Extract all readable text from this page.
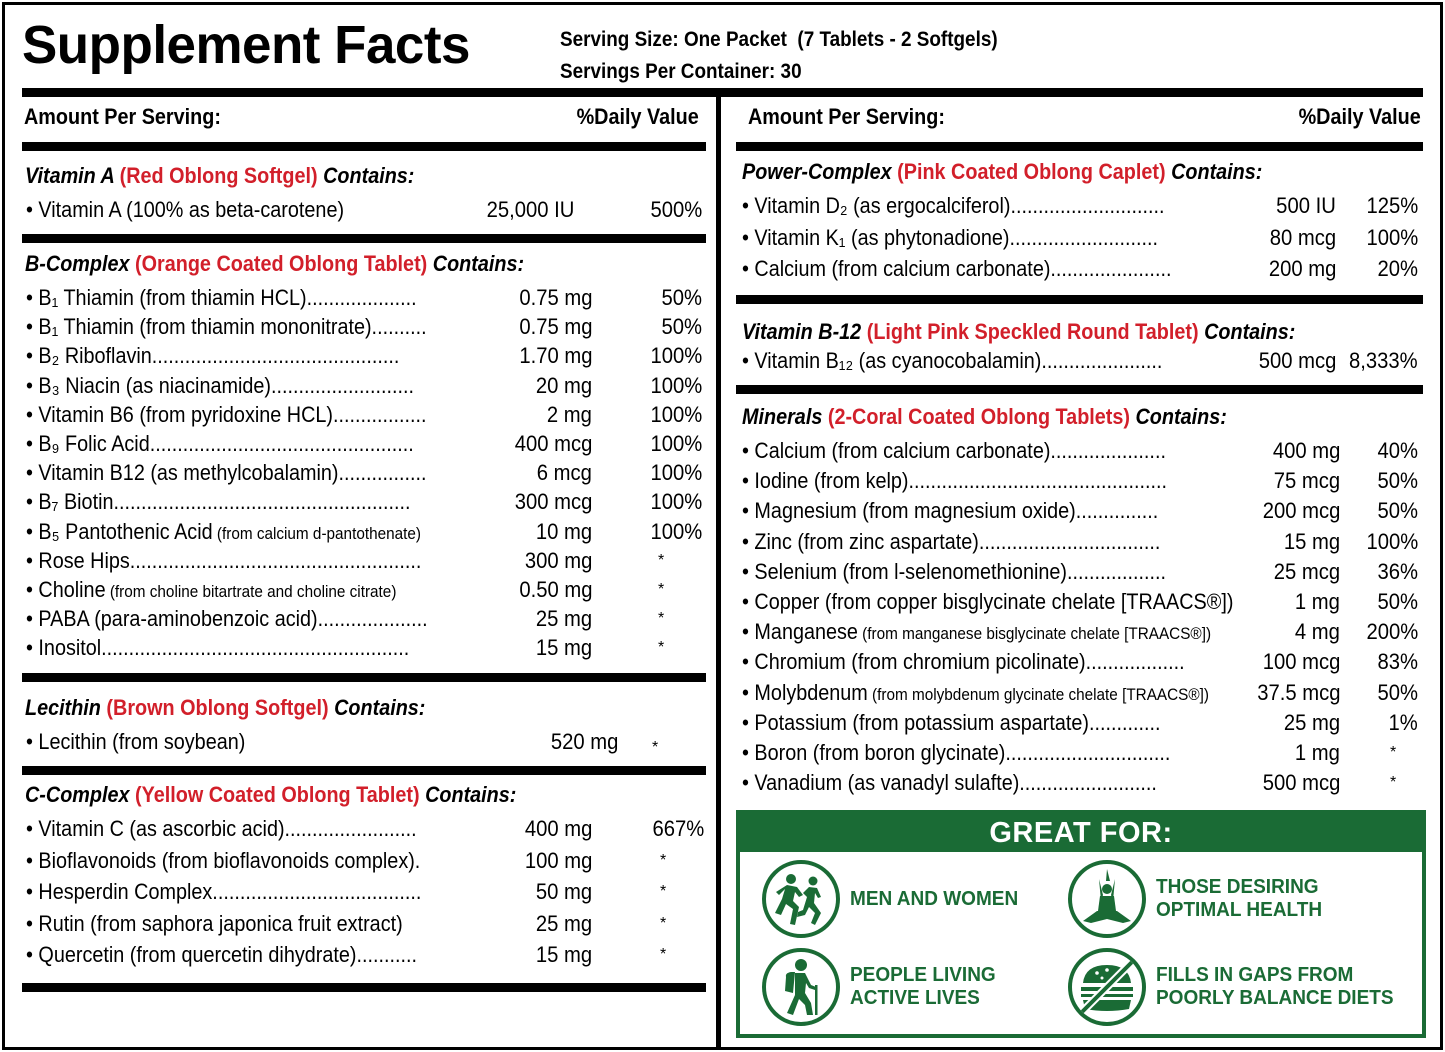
Supplement Facts	Serving Size: One Packet  (7 Tablets - 2 Softgels)
Servings Per Container: 30
Amount Per Serving:	%Daily Value Amount Per Serving:	%Daily Value
Vitamin A (Red Oblong Softgel) Contains:
• Vitamin A (100% as beta-carotene)	25,000 IU	500%
B-Complex (Orange Coated Oblong Tablet) Contains:
• B₁ Thiamin (from thiamin HCL)....................	0.75 mg	50%
• B₁ Thiamin (from thiamin mononitrate)..........	0.75 mg	50%
• B₂ Riboflavin.............................................	1.70 mg	100%
• B₃ Niacin (as niacinamide)..........................	20 mg	100%
• Vitamin B6 (from pyridoxine HCL).................	2 mg	100%
• B₉ Folic Acid................................................	400 mcg	100%
• Vitamin B12 (as methylcobalamin)................	6 mcg	100%
• B₇ Biotin......................................................	300 mcg	100%
• B₅ Pantothenic Acid (from calcium d-pantothenate)	10 mg	100%
• Rose Hips.....................................................	300 mg	*
• Choline (from choline bitartrate and choline citrate)	0.50 mg	*
• PABA (para-aminobenzoic acid)....................	25 mg	*
• Inositol........................................................	15 mg	*
Lecithin (Brown Oblong Softgel) Contains:
• Lecithin (from soybean)	520 mg *
C-Complex (Yellow Coated Oblong Tablet) Contains:
• Vitamin C (as ascorbic acid)........................	400 mg	667%
• Bioflavonoids (from bioflavonoids complex).	100 mg	*
• Hesperdin Complex......................................	50 mg	*
• Rutin (from saphora japonica fruit extract)	25 mg	*
• Quercetin (from quercetin dihydrate)...........	15 mg	*
Power-Complex (Pink Coated Oblong Caplet) Contains:
• Vitamin D₂ (as ergocalciferol)............................	500 IU 125%
• Vitamin K₁ (as phytonadione)...........................	80 mcg 100%
• Calcium (from calcium carbonate)......................	200 mg 20%
Vitamin B-12 (Light Pink Speckled Round Tablet) Contains:
• Vitamin B₁₂ (as cyanocobalamin)......................	500 mcg 8,333%
Minerals (2-Coral Coated Oblong Tablets) Contains:
• Calcium (from calcium carbonate).....................	400 mg 40%
• Iodine (from kelp)...............................................	75 mcg 50%
• Magnesium (from magnesium oxide)...............	200 mcg 50%
• Zinc (from zinc aspartate).................................	15 mg 100%
• Selenium (from l-selenomethionine)..................	25 mcg 36%
• Copper (from copper bisglycinate chelate [TRAACS®])	1 mg 50%
• Manganese (from manganese bisglycinate chelate [TRAACS®])	4 mg 200%
• Chromium (from chromium picolinate)..................	100 mcg 83%
• Molybdenum (from molybdenum glycinate chelate [TRAACS®]) 37.5 mcg 50%
• Potassium (from potassium aspartate).............	25 mg 1%
• Boron (from boron glycinate)..............................	1 mg	*
• Vanadium (as vanadyl sulafte).........................	500 mcg	*
GREAT FOR:
MEN AND WOMEN
THOSE DESIRING
OPTIMAL HEALTH
PEOPLE LIVING
ACTIVE LIVES
FILLS IN GAPS FROM
POORLY BALANCE DIETS
